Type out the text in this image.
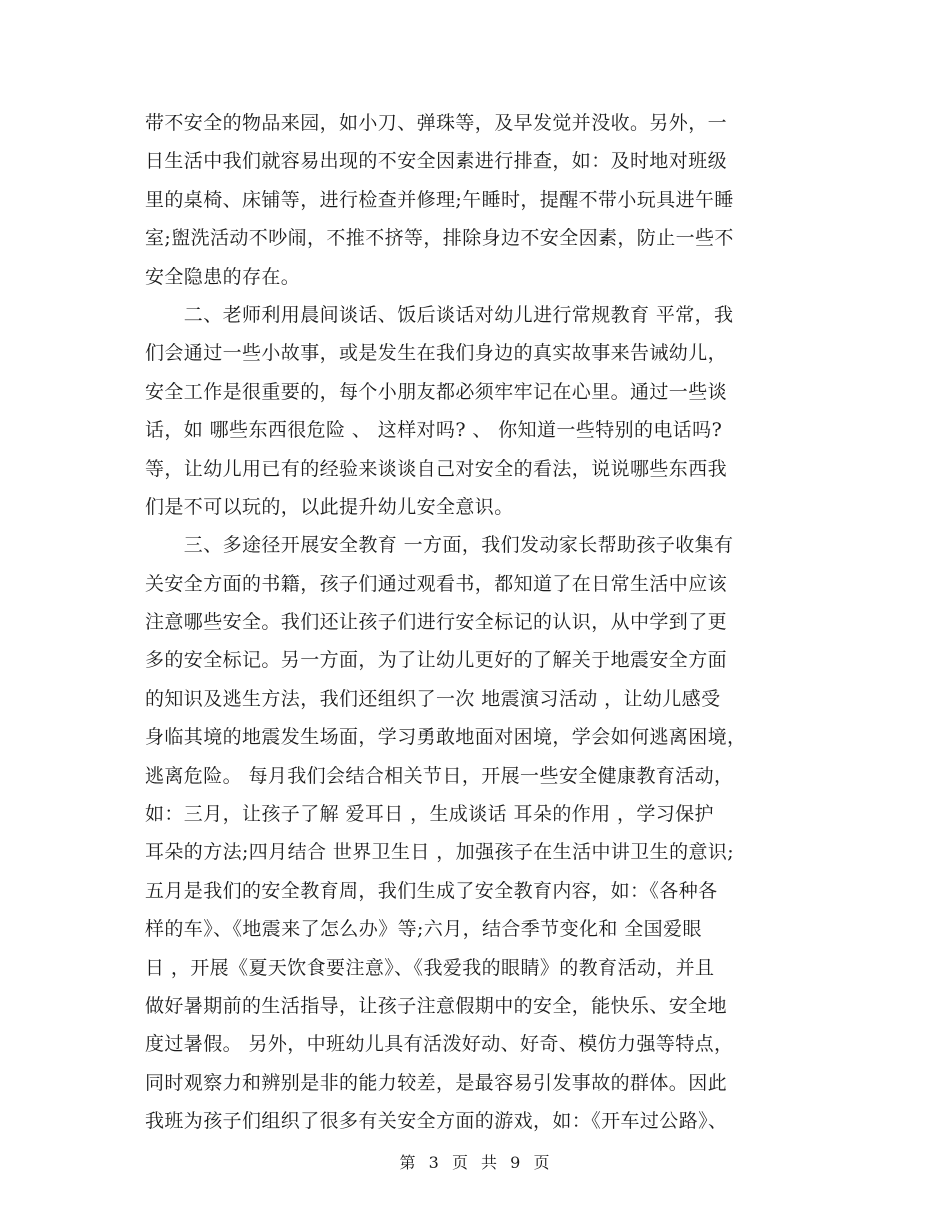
带不安全的物品来园，如小刀、弹珠等，及早发觉并没收。另外，一
日生活中我们就容易出现的不安全因素进行排查，如：及时地对班级
里的桌椅、床铺等，进行检查并修理;午睡时，提醒不带小玩具进午睡
室;盥洗活动不吵闹，不推不挤等，排除身边不安全因素，防止一些不
安全隐患的存在。
　　二、老师利用晨间谈话、饭后谈话对幼儿进行常规教育 平常，我
们会通过一些小故事，或是发生在我们身边的真实故事来告诫幼儿，
安全工作是很重要的，每个小朋友都必须牢牢记在心里。通过一些谈
话，如 哪些东西很危险 、 这样对吗? 、 你知道一些特别的电话吗?
等，让幼儿用已有的经验来谈谈自己对安全的看法，说说哪些东西我
们是不可以玩的，以此提升幼儿安全意识。
　　三、多途径开展安全教育 一方面，我们发动家长帮助孩子收集有
关安全方面的书籍，孩子们通过观看书，都知道了在日常生活中应该
注意哪些安全。我们还让孩子们进行安全标记的认识，从中学到了更
多的安全标记。另一方面，为了让幼儿更好的了解关于地震安全方面
的知识及逃生方法，我们还组织了一次 地震演习活动 ，让幼儿感受
身临其境的地震发生场面，学习勇敢地面对困境，学会如何逃离困境，
逃离危险。 每月我们会结合相关节日，开展一些安全健康教育活动，
如：三月，让孩子了解 爱耳日 ，生成谈话 耳朵的作用 ，学习保护
耳朵的方法;四月结合 世界卫生日 ，加强孩子在生活中讲卫生的意识;
五月是我们的安全教育周，我们生成了安全教育内容，如：《各种各
样的车》、《地震来了怎么办》等;六月，结合季节变化和 全国爱眼
日 ，开展《夏天饮食要注意》、《我爱我的眼睛》的教育活动，并且
做好暑期前的生活指导，让孩子注意假期中的安全，能快乐、安全地
度过暑假。 另外，中班幼儿具有活泼好动、好奇、模仿力强等特点，
同时观察力和辨别是非的能力较差，是最容易引发事故的群体。因此
我班为孩子们组织了很多有关安全方面的游戏，如：《开车过公路》、
第 3 页 共 9 页
